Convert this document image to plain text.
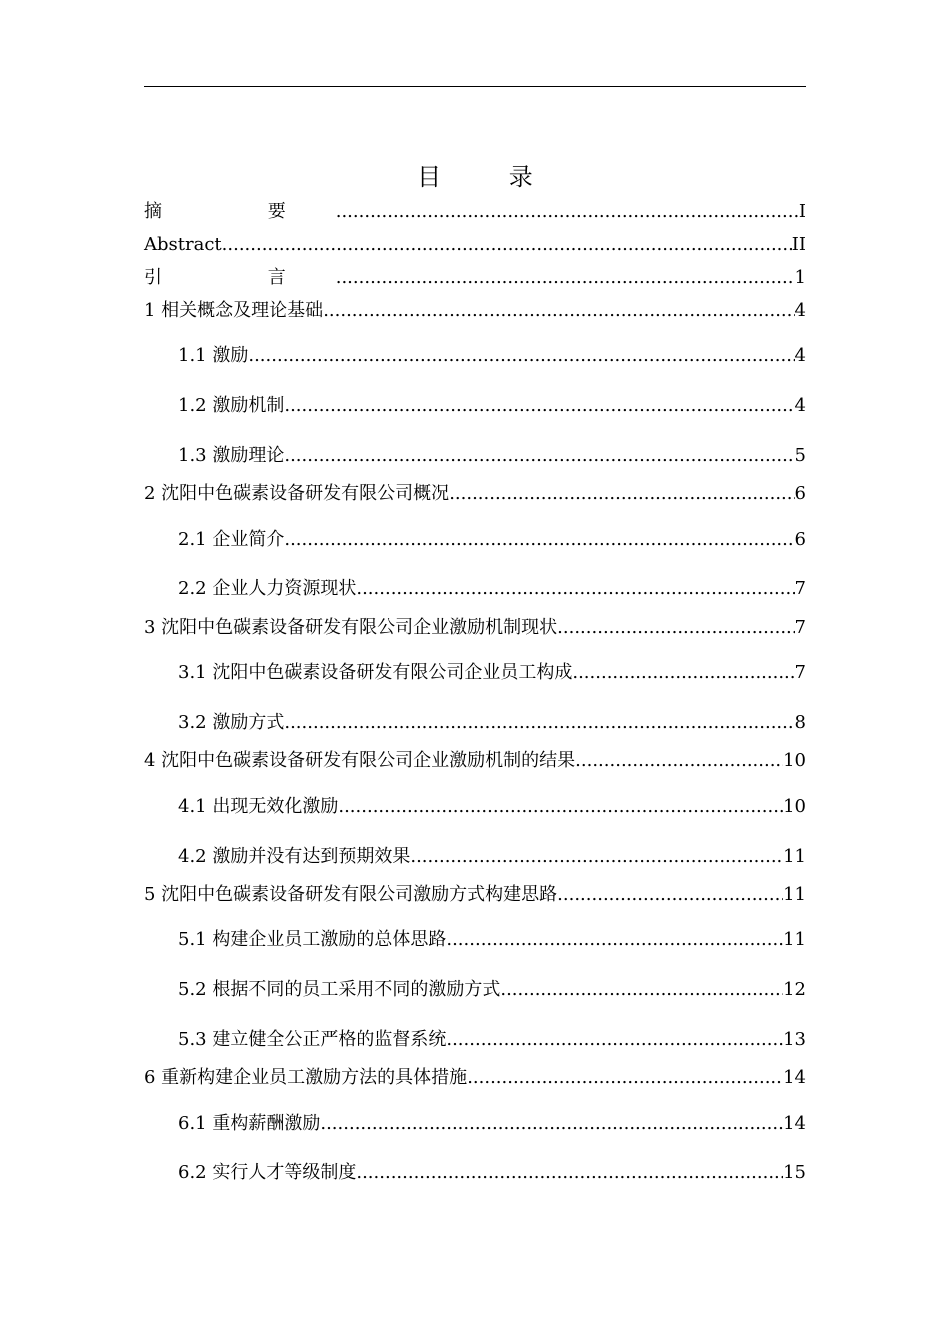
目 录
摘 要 .....	I
Abstract .....	II
引 言 .....	1
1 相关概念及理论基础 .....	4
1.1 激励 .....	4
1.2 激励机制 .....	4
1.3 激励理论 .....	5
2 沈阳中色碳素设备研发有限公司概况 .....	6
2.1 企业简介 .....	6
2.2 企业人力资源现状 .....	7
3 沈阳中色碳素设备研发有限公司企业激励机制现状 .....	7
3.1 沈阳中色碳素设备研发有限公司企业员工构成 .....	7
3.2 激励方式 .....	8
4 沈阳中色碳素设备研发有限公司企业激励机制的结果 .....	10
4.1 出现无效化激励 .....	10
4.2 激励并没有达到预期效果 .....	11
5 沈阳中色碳素设备研发有限公司激励方式构建思路 .....	11
5.1 构建企业员工激励的总体思路 .....	11
5.2 根据不同的员工采用不同的激励方式 .....	12
5.3 建立健全公正严格的监督系统 .....	13
6 重新构建企业员工激励方法的具体措施 .....	14
6.1 重构薪酬激励 .....	14
6.2 实行人才等级制度 .....	15
